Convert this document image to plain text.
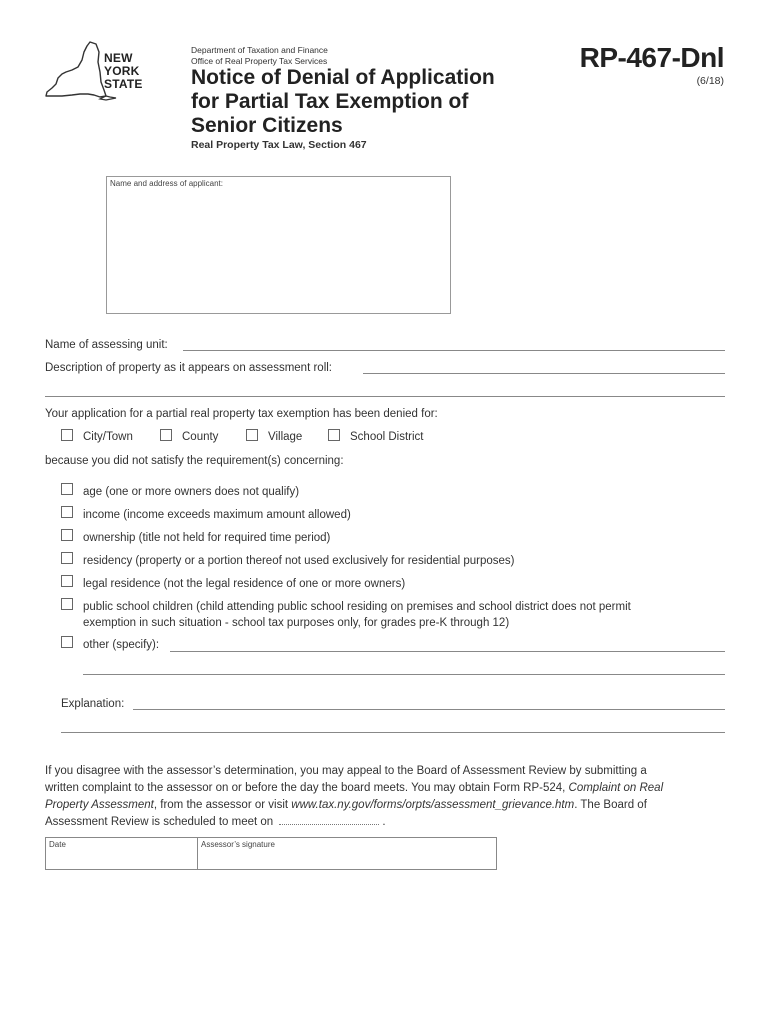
NEW
YORK
STATE
Department of Taxation and Finance
Office of Real Property Tax Services
Notice of Denial of Application
for Partial Tax Exemption of
Senior Citizens
Real Property Tax Law, Section 467
RP-467-Dnl
(6/18)
Name and address of applicant:
Name of assessing unit:
Description of property as it appears on assessment roll:
Your application for a partial real property tax exemption has been denied for:
City/Town	County	Village	School District
because you did not satisfy the requirement(s) concerning:
age (one or more owners does not qualify)
income (income exceeds maximum amount allowed)
ownership (title not held for required time period)
residency (property or a portion thereof not used exclusively for residential purposes)
legal residence (not the legal residence of one or more owners)
public school children (child attending public school residing on premises and school district does not permit
exemption in such situation - school tax purposes only, for grades pre-K through 12)
other (specify):
Explanation:
If you disagree with the assessor’s determination, you may appeal to the Board of Assessment Review by submitting a
written complaint to the assessor on or before the day the board meets. You may obtain Form RP-524, Complaint on Real
Property Assessment, from the assessor or visit www.tax.ny.gov/forms/orpts/assessment_grievance.htm. The Board of
Assessment Review is scheduled to meet on	.
Date	Assessor’s signature
